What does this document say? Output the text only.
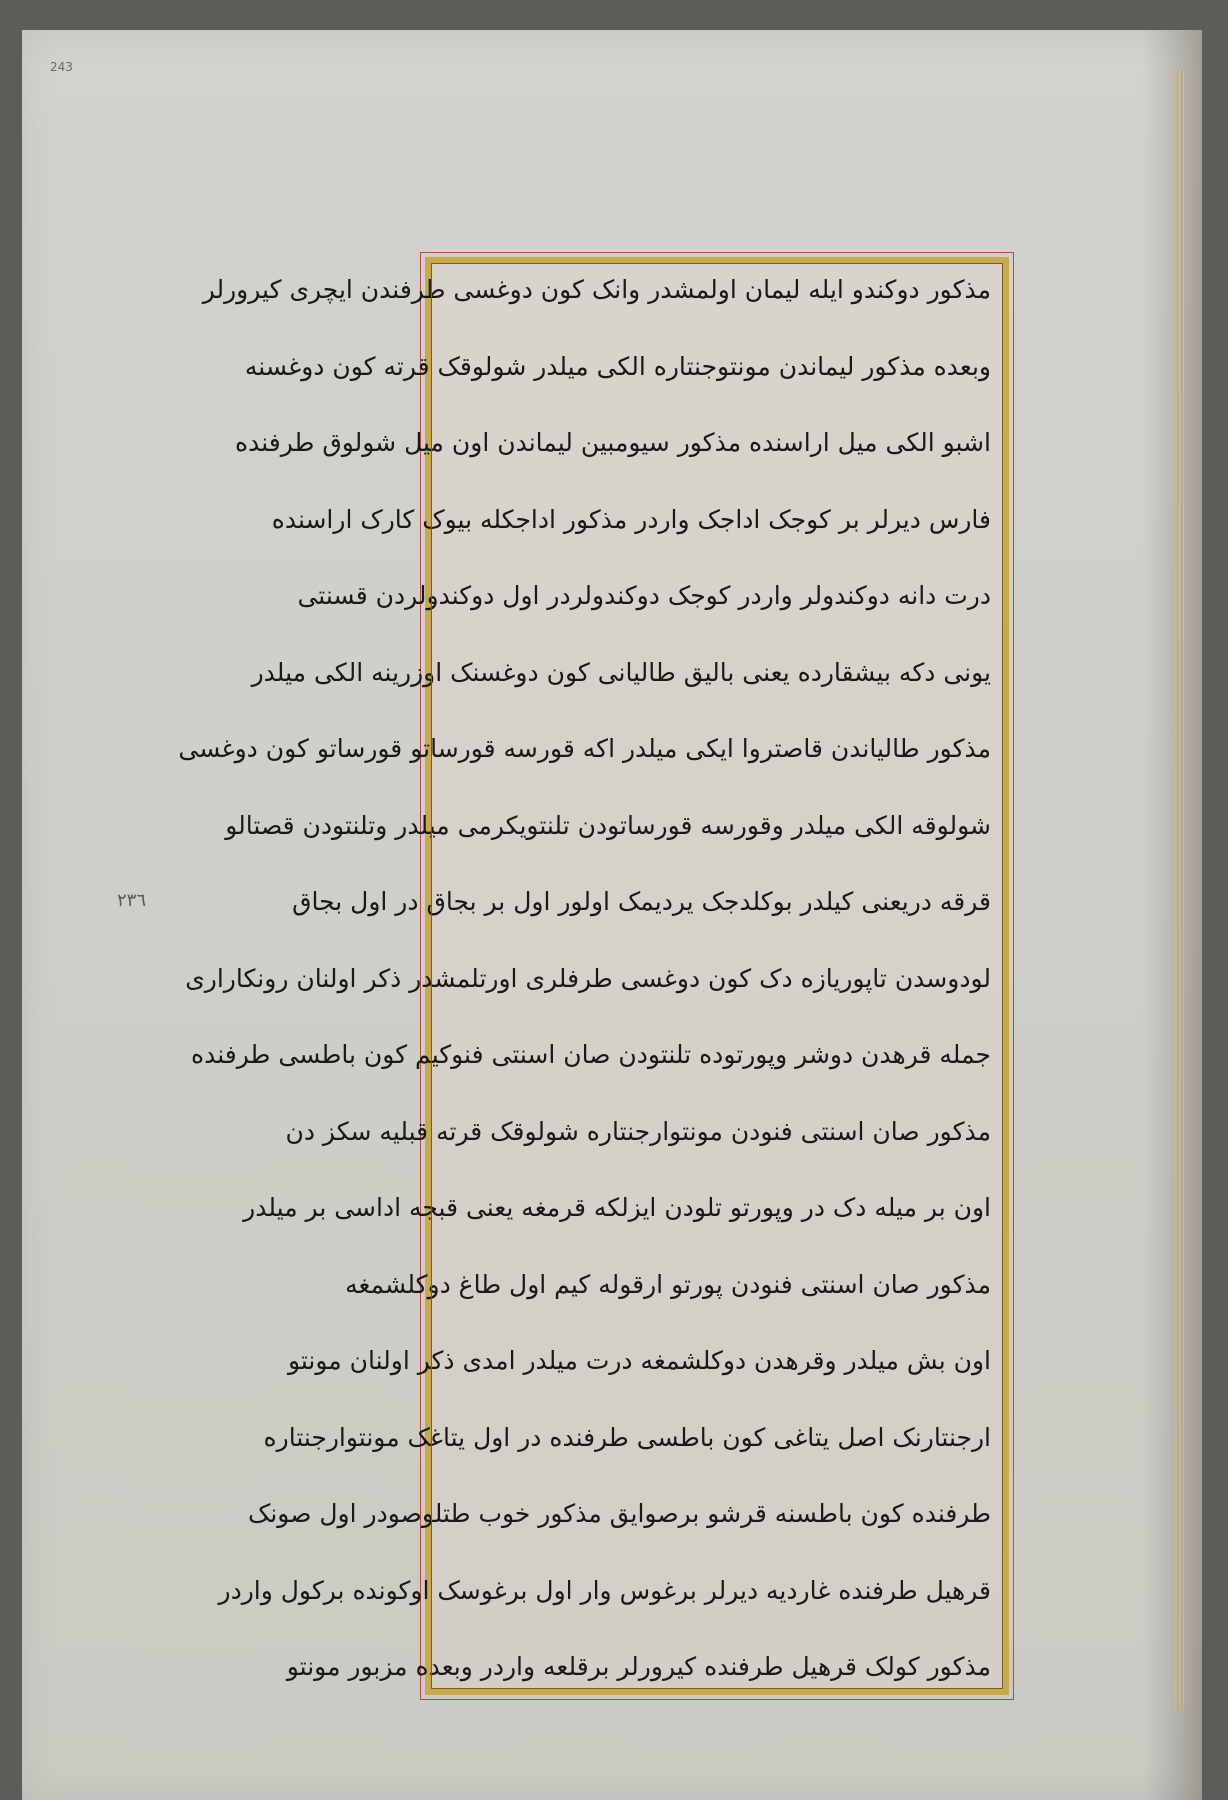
243
٢٣٦
مذکور دوکندو ایله لیمان اولمشدر وانک کون دوغسی طرفندن ایچری کیرورلر
وبعده مذکور لیماندن مونتوجنتاره الکی میلدر شولوقک قرته کون دوغسنه
اشبو الکی میل اراسنده مذکور سیومبین لیماندن اون میل شولوق طرفنده
فارس دیرلر بر کوجک اداجک واردر مذکور اداجکله بیوک کارک اراسنده
درت دانه دوکندولر واردر کوجک دوکندولردر اول دوکندولردن قسنتی
یونی دکه بیشقارده یعنی بالیق طالیانی کون دوغسنک اوزرینه الکی میلدر
مذکور طالیاندن قاصتروا ایکی میلدر اکه قورسه قورساتو قورساتو کون دوغسی
شولوقه الکی میلدر وقورسه قورساتودن تلنتویکرمی میلدر وتلنتودن قصتالو
قرقه دریعنی کیلدر بوکلدجک یردیمک اولور اول بر بجاق در اول بجاق
لودوسدن تاپوریازه دک کون دوغسی طرفلری اورتلمشدر ذکر اولنان رونکاراری
جمله قرهدن دوشر وپورتوده تلنتودن صان اسنتی فنوکیم کون باطسی طرفنده
مذکور صان اسنتی فنودن مونتوارجنتاره شولوقک قرته قبلیه سکز دن
اون بر میله دک در وپورتو تلودن ایزلکه قرمغه یعنی قبجه اداسی بر میلدر
مذکور صان اسنتی فنودن پورتو ارقوله کیم اول طاغ دوکلشمغه
اون بش میلدر وقرهدن دوکلشمغه درت میلدر امدی ذکر اولنان مونتو
ارجنتارنک اصل یتاغی کون باطسی طرفنده در اول یتاغک مونتوارجنتاره
طرفنده کون باطسنه قرشو برصوایق مذکور خوب طتلوصودر اول صونک
قرهیل طرفنده غاردیه دیرلر برغوس وار اول برغوسک اوکونده برکول واردر
مذکور کولک قرهیل طرفنده کیرورلر برقلعه واردر وبعده مزبور مونتو
